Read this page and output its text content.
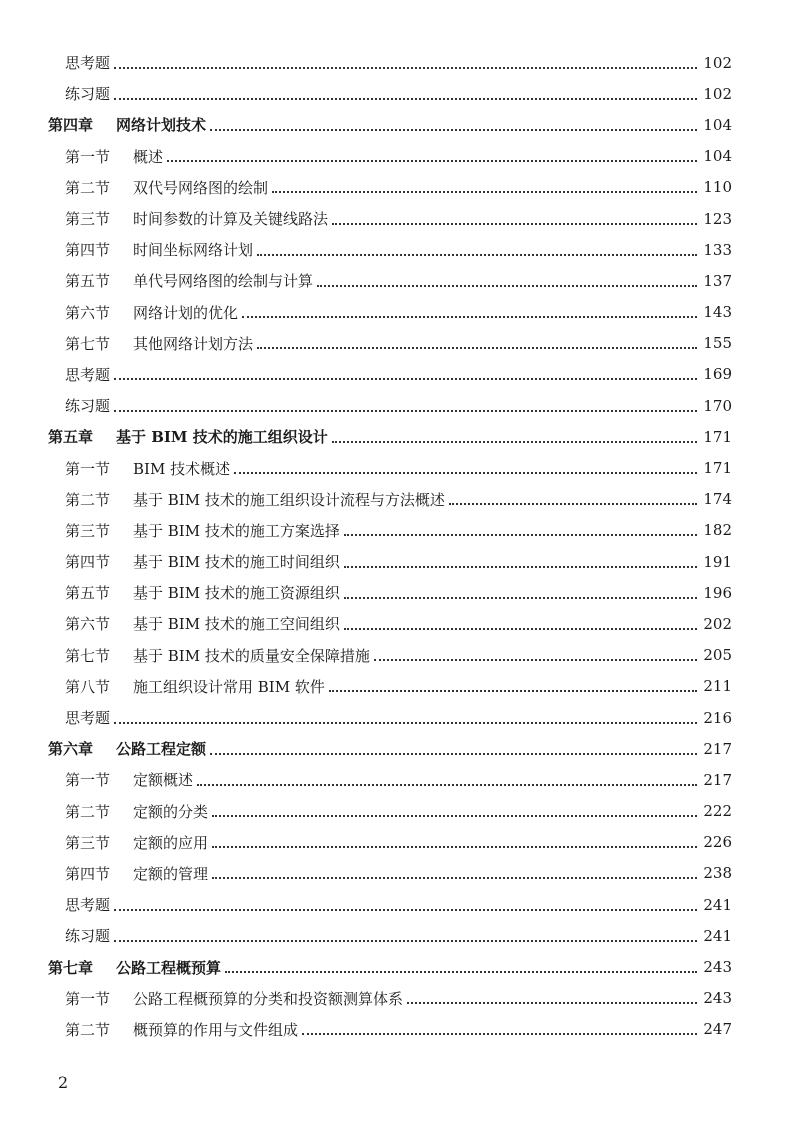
思考题	102
练习题	102
第四章	网络计划技术	104
第一节	概述	104
第二节	双代号网络图的绘制	110
第三节	时间参数的计算及关键线路法	123
第四节	时间坐标网络计划	133
第五节	单代号网络图的绘制与计算	137
第六节	网络计划的优化	143
第七节	其他网络计划方法	155
思考题	169
练习题	170
第五章	基于 BIM 技术的施工组织设计	171
第一节	BIM 技术概述	171
第二节	基于 BIM 技术的施工组织设计流程与方法概述	174
第三节	基于 BIM 技术的施工方案选择	182
第四节	基于 BIM 技术的施工时间组织	191
第五节	基于 BIM 技术的施工资源组织	196
第六节	基于 BIM 技术的施工空间组织	202
第七节	基于 BIM 技术的质量安全保障措施	205
第八节	施工组织设计常用 BIM 软件	211
思考题	216
第六章	公路工程定额	217
第一节	定额概述	217
第二节	定额的分类	222
第三节	定额的应用	226
第四节	定额的管理	238
思考题	241
练习题	241
第七章	公路工程概预算	243
第一节	公路工程概预算的分类和投资额测算体系	243
第二节	概预算的作用与文件组成	247
2
